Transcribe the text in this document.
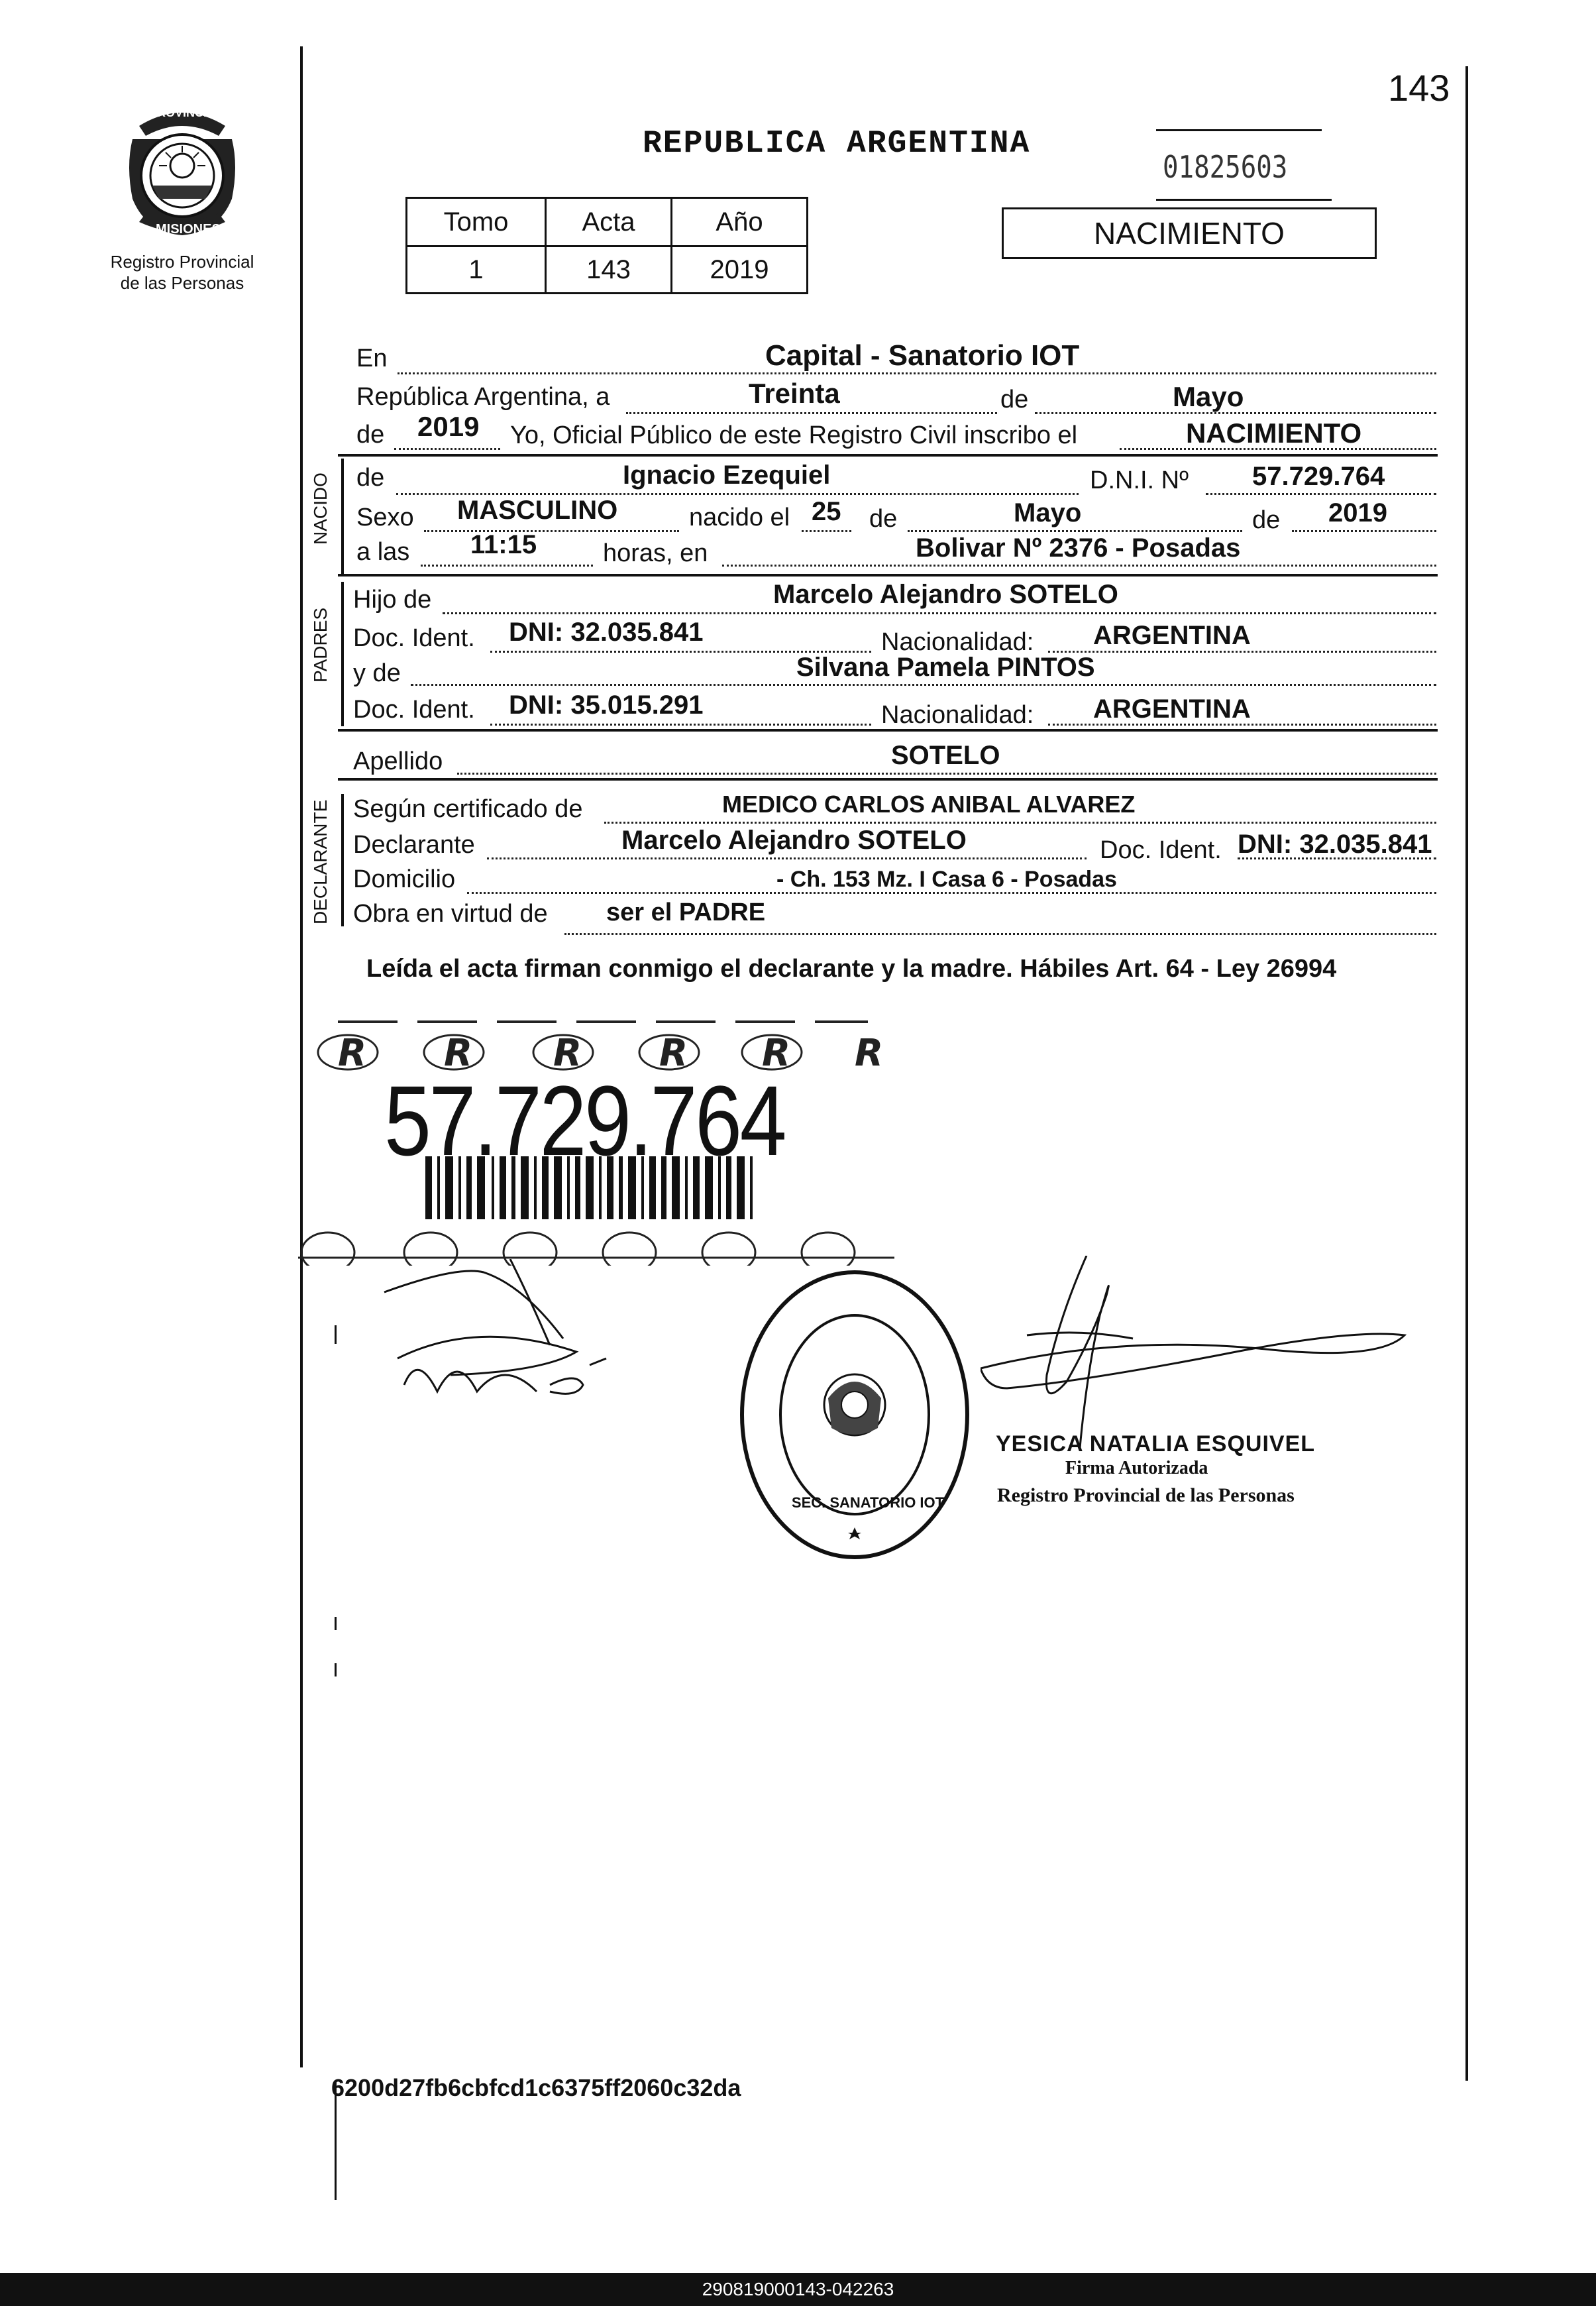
PROVINCIA DE
MISIONES
Registro Provincial
de las Personas
143
REPUBLICA ARGENTINA
01825603
Tomo	Acta	Año
1	143	2019
NACIMIENTO
En	Capital - Sanatorio IOT
República Argentina, a	Treinta	de	Mayo
de 2019 Yo, Oficial Público de este Registro Civil inscribo el	NACIMIENTO
NACIDO de	Ignacio Ezequiel	D.N.I. Nº 57.729.764
Sexo MASCULINO	nacido el 25 de	Mayo	de 2019
a las 11:15	horas, en	Bolivar Nº 2376 - Posadas
PADRES
Hijo de	Marcelo Alejandro SOTELO
Doc. Ident. DNI: 32.035.841	Nacionalidad: ARGENTINA
y de	Silvana Pamela PINTOS
Doc. Ident. DNI: 35.015.291	Nacionalidad: ARGENTINA
Apellido	SOTELO
DECLARANTE Según certificado de	MEDICO CARLOS ANIBAL ALVAREZ
Declarante	Marcelo Alejandro SOTELO	Doc. Ident. DNI: 32.035.841
Domicilio	- Ch. 153 Mz. I Casa 6 - Posadas
Obra en virtud de ser el PADRE
Leída el acta firman conmigo el declarante y la madre. Hábiles Art. 64 - Ley 26994
R R R R R R
57.729.764
SEC. SANATORIO IOT
YESICA NATALIA ESQUIVEL
Firma Autorizada
Registro Provincial de las Personas
6200d27fb6cbfcd1c6375ff2060c32da
290819000143-042263
